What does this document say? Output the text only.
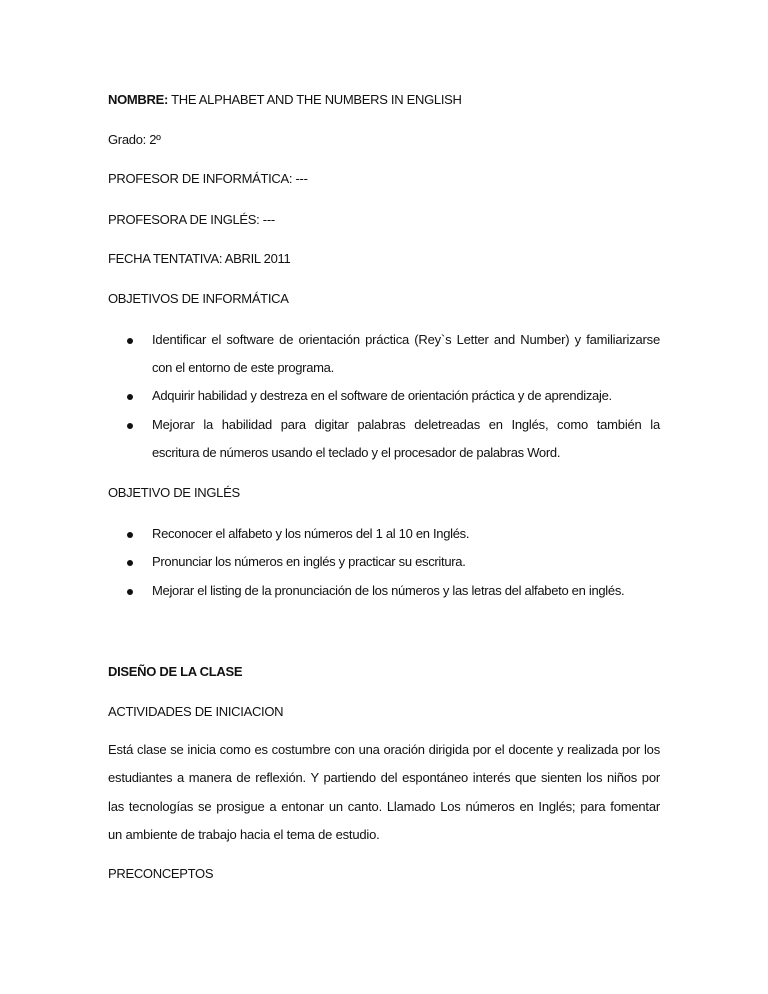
NOMBRE: THE ALPHABET AND THE NUMBERS IN ENGLISH
Grado: 2º
PROFESOR DE INFORMÁTICA: ---
PROFESORA DE INGLÉS: ---
FECHA TENTATIVA: ABRIL 2011
OBJETIVOS DE INFORMÁTICA
Identificar el software de orientación práctica (Rey`s Letter and Number) y familiarizarse
con el entorno de este programa.
Adquirir habilidad y destreza en el software de orientación práctica y de aprendizaje.
Mejorar la habilidad para digitar palabras deletreadas en Inglés, como también la
escritura de números usando el teclado y el procesador de palabras Word.
OBJETIVO DE INGLÉS
Reconocer el alfabeto y los números del 1 al 10 en Inglés.
Pronunciar los números en inglés y practicar su escritura.
Mejorar el listing de la pronunciación de los números y las letras del alfabeto en inglés.
DISEÑO DE LA CLASE
ACTIVIDADES DE INICIACION
Está clase se inicia como es costumbre con una oración dirigida por el docente y realizada por los
estudiantes a manera de reflexión. Y partiendo del espontáneo interés que sienten los niños por
las tecnologías se prosigue a entonar un canto. Llamado Los números en Inglés; para fomentar
un ambiente de trabajo hacia el tema de estudio.
PRECONCEPTOS
